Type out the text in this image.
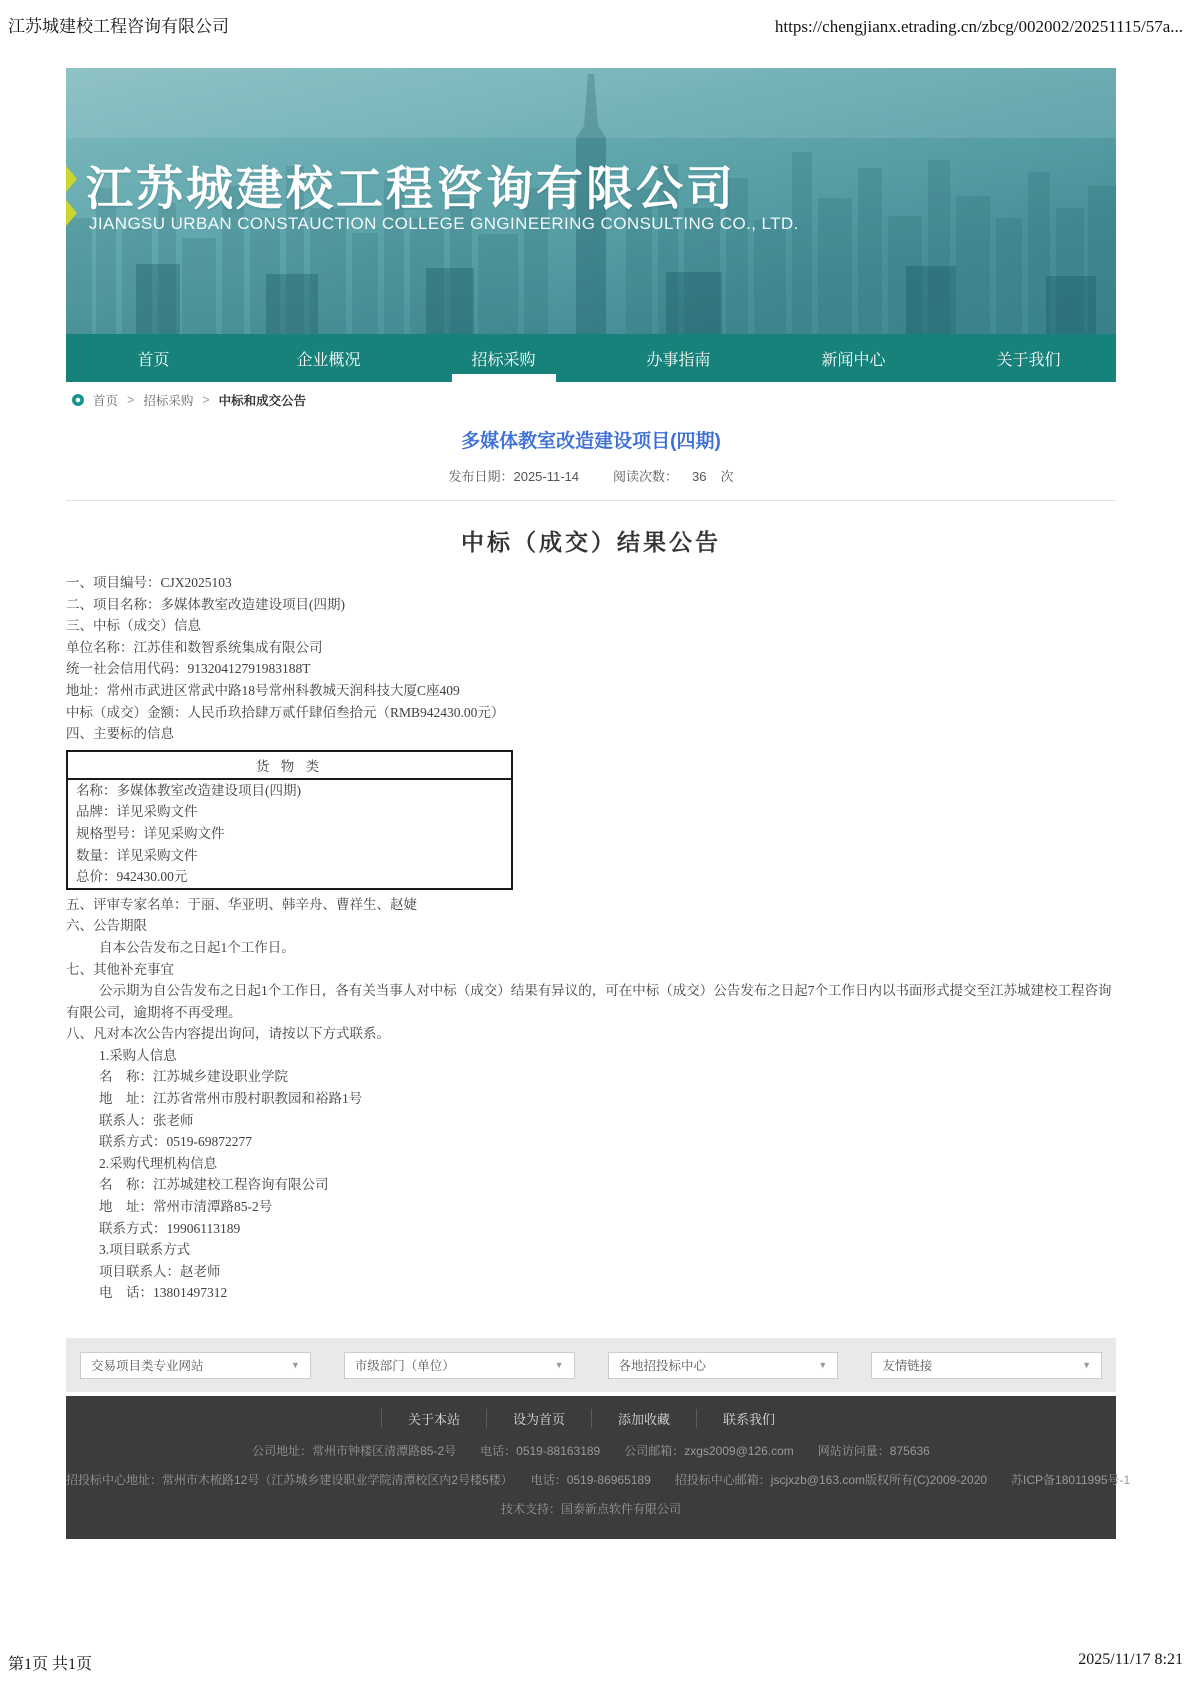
江苏城建校工程咨询有限公司	https://chengjianx.etrading.cn/zbcg/002002/20251115/57a...
江苏城建校工程咨询有限公司
JIANGSU URBAN CONSTAUCTION COLLEGE GNGINEERING CONSULTING CO., LTD.
首页	企业概况	招标采购	办事指南	新闻中心	关于我们
首页 > 招标采购 > 中标和成交公告
多媒体教室改造建设项目(四期)
发布日期：2025-11-14	阅读次数： 36 次
中标（成交）结果公告

一、项目编号：CJX2025103

二、项目名称：多媒体教室改造建设项目(四期)

三、中标（成交）信息

单位名称：江苏佳和数智系统集成有限公司

统一社会信用代码：91320412791983188T

地址：常州市武进区常武中路18号常州科教城天润科技大厦C座409

中标（成交）金额：人民币玖拾肆万贰仟肆佰叁拾元（RMB942430.00元）

四、主要标的信息

货 物 类
名称：多媒体教室改造建设项目(四期)
品牌：详见采购文件
规格型号：详见采购文件
数量：详见采购文件
总价：942430.00元

五、评审专家名单：于丽、华亚明、韩辛舟、曹祥生、赵婕

六、公告期限

自本公告发布之日起1个工作日。

七、其他补充事宜

公示期为自公告发布之日起1个工作日，各有关当事人对中标（成交）结果有异议的，可在中标（成交）公告发布之日起7个工作日内以书面形式提交至江苏城建校工程咨询有限公司，逾期将不再受理。

八、凡对本次公告内容提出询问，请按以下方式联系。

1.采购人信息

名　称：江苏城乡建设职业学院

地　址：江苏省常州市殷村职教园和裕路1号

联系人：张老师

联系方式：0519-69872277

2.采购代理机构信息

名　称：江苏城建校工程咨询有限公司

地　址：常州市清潭路85-2号

联系方式：19906113189

3.项目联系方式

项目联系人：赵老师

电　话：13801497312

交易项目类专业网站	▼	市级部门（单位）	▼	各地招投标中心	▼	友情链接	▼
关于本站	设为首页	添加收藏	联系我们
公司地址：常州市钟楼区清潭路85-2号　　电话：0519-88163189　　公司邮箱：zxgs2009@126.com　　网站访问量：875636
招投标中心地址：常州市木梳路12号（江苏城乡建设职业学院清潭校区内2号楼5楼）　　电话：0519-86965189　　招投标中心邮箱：jscjxzb@163.com版权所有(C)2009-2020　　苏ICP备18011995号-1
技术支持：国泰新点软件有限公司
第1页 共1页	2025/11/17 8:21
